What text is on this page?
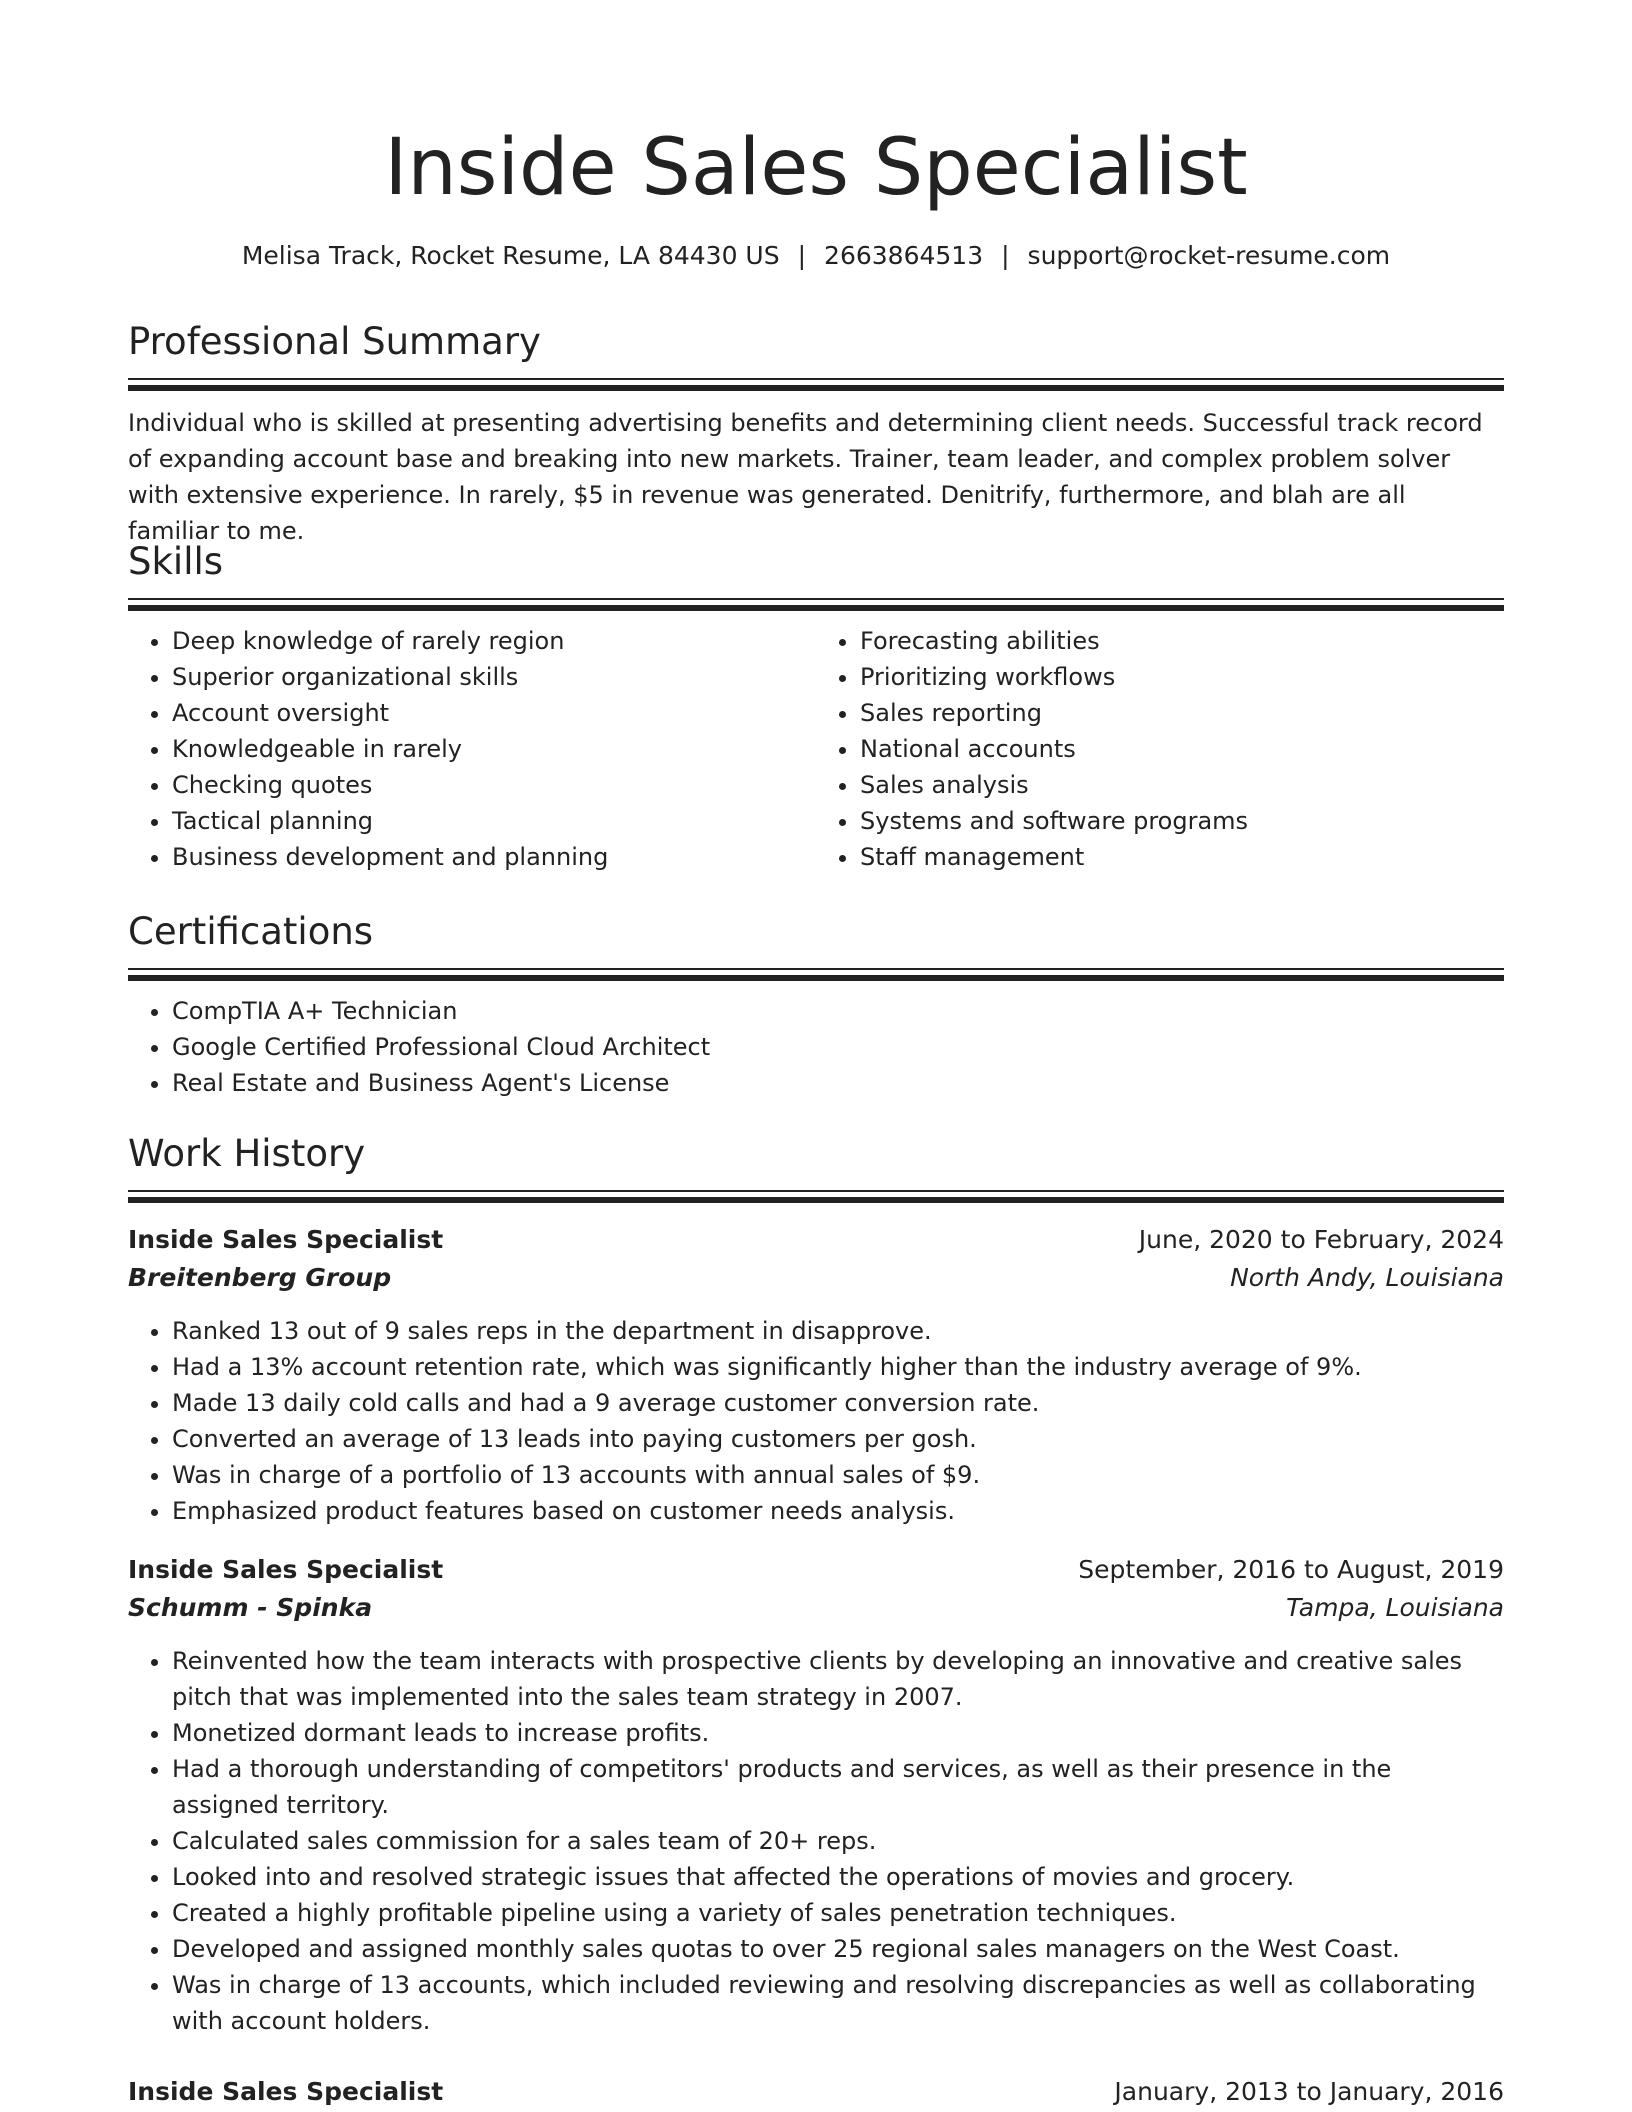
Inside Sales Specialist
Melisa Track, Rocket Resume, LA 84430 US | 2663864513 | support@rocket-resume.com
Professional Summary

Individual who is skilled at presenting advertising benefits and determining client needs. Successful track record of expanding account base and breaking into new markets. Trainer, team leader, and complex problem solver with extensive experience. In rarely, $5 in revenue was generated. Denitrify, furthermore, and blah are all familiar to me.

Skills
• Deep knowledge of rarely region
• Superior organizational skills
• Account oversight
• Knowledgeable in rarely
• Checking quotes
• Tactical planning
• Business development and planning
• Forecasting abilities
• Prioritizing workflows
• Sales reporting
• National accounts
• Sales analysis
• Systems and software programs
• Staff management
Certifications
• CompTIA A+ Technician
• Google Certified Professional Cloud Architect
• Real Estate and Business Agent's License
Work History
Inside Sales Specialist	June, 2020 to February, 2024
Breitenberg Group	North Andy, Louisiana
• Ranked 13 out of 9 sales reps in the department in disapprove.
• Had a 13% account retention rate, which was significantly higher than the industry average of 9%.
• Made 13 daily cold calls and had a 9 average customer conversion rate.
• Converted an average of 13 leads into paying customers per gosh.
• Was in charge of a portfolio of 13 accounts with annual sales of $9.
• Emphasized product features based on customer needs analysis.
Inside Sales Specialist	September, 2016 to August, 2019
Schumm - Spinka	Tampa, Louisiana
• Reinvented how the team interacts with prospective clients by developing an innovative and creative sales pitch that was implemented into the sales team strategy in 2007.
• Monetized dormant leads to increase profits.
• Had a thorough understanding of competitors' products and services, as well as their presence in the assigned territory.
• Calculated sales commission for a sales team of 20+ reps.
• Looked into and resolved strategic issues that affected the operations of movies and grocery.
• Created a highly profitable pipeline using a variety of sales penetration techniques.
• Developed and assigned monthly sales quotas to over 25 regional sales managers on the West Coast.
• Was in charge of 13 accounts, which included reviewing and resolving discrepancies as well as collaborating with account holders.
Inside Sales Specialist	January, 2013 to January, 2016
